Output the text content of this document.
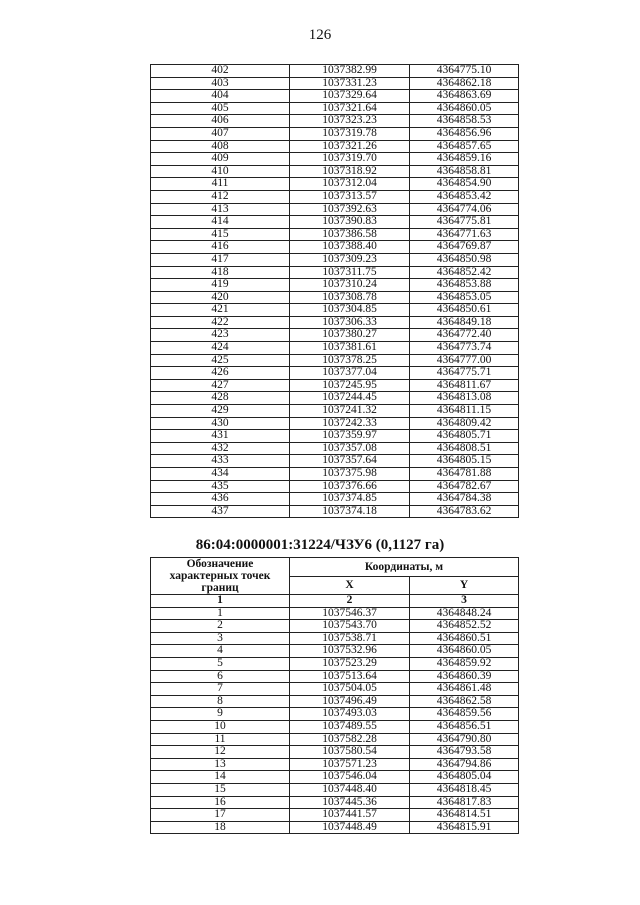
126
402	1037382.99	4364775.10
403	1037331.23	4364862.18
404	1037329.64	4364863.69
405	1037321.64	4364860.05
406	1037323.23	4364858.53
407	1037319.78	4364856.96
408	1037321.26	4364857.65
409	1037319.70	4364859.16
410	1037318.92	4364858.81
411	1037312.04	4364854.90
412	1037313.57	4364853.42
413	1037392.63	4364774.06
414	1037390.83	4364775.81
415	1037386.58	4364771.63
416	1037388.40	4364769.87
417	1037309.23	4364850.98
418	1037311.75	4364852.42
419	1037310.24	4364853.88
420	1037308.78	4364853.05
421	1037304.85	4364850.61
422	1037306.33	4364849.18
423	1037380.27	4364772.40
424	1037381.61	4364773.74
425	1037378.25	4364777.00
426	1037377.04	4364775.71
427	1037245.95	4364811.67
428	1037244.45	4364813.08
429	1037241.32	4364811.15
430	1037242.33	4364809.42
431	1037359.97	4364805.71
432	1037357.08	4364808.51
433	1037357.64	4364805.15
434	1037375.98	4364781.88
435	1037376.66	4364782.67
436	1037374.85	4364784.38
437	1037374.18	4364783.62
86:04:0000001:31224/ЧЗУ6 (0,1127 га)
Обозначение характерных точек границ	Координаты, м	
	X	Y
1	2	3
1	1037546.37	4364848.24
2	1037543.70	4364852.52
3	1037538.71	4364860.51
4	1037532.96	4364860.05
5	1037523.29	4364859.92
6	1037513.64	4364860.39
7	1037504.05	4364861.48
8	1037496.49	4364862.58
9	1037493.03	4364859.56
10	1037489.55	4364856.51
11	1037582.28	4364790.80
12	1037580.54	4364793.58
13	1037571.23	4364794.86
14	1037546.04	4364805.04
15	1037448.40	4364818.45
16	1037445.36	4364817.83
17	1037441.57	4364814.51
18	1037448.49	4364815.91
